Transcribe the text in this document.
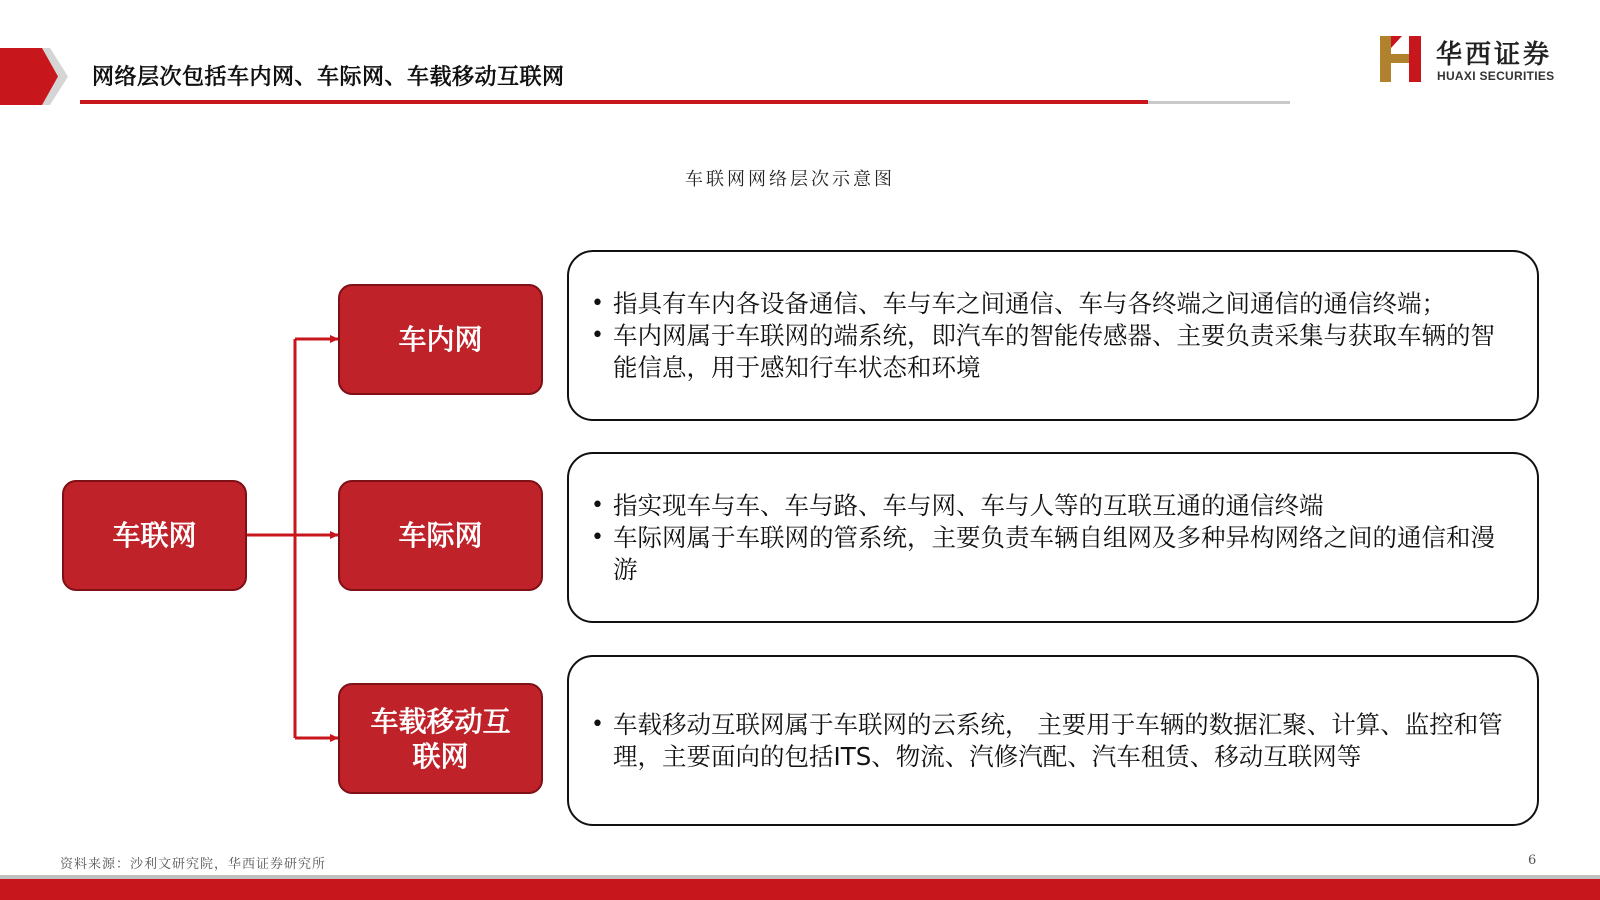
网络层次包括车内网、车际网、车载移动互联网
华西证券
HUAXI SECURITIES
车联网网络层次示意图
车联网
车内网
车际网
车载移动互
联网
• 指具有车内各设备通信、车与车之间通信、车与各终端之间通信的通信终端；
• 车内网属于车联网的端系统，即汽车的智能传感器、主要负责采集与获取车辆的智能信息，用于感知行车状态和环境
• 指实现车与车、车与路、车与网、车与人等的互联互通的通信终端
• 车际网属于车联网的管系统，主要负责车辆自组网及多种异构网络之间的通信和漫游
• 车载移动互联网属于车联网的云系统， 主要用于车辆的数据汇聚、计算、监控和管理，主要面向的包括ITS、物流、汽修汽配、汽车租赁、移动互联网等
资料来源：沙利文研究院，华西证券研究所	6
